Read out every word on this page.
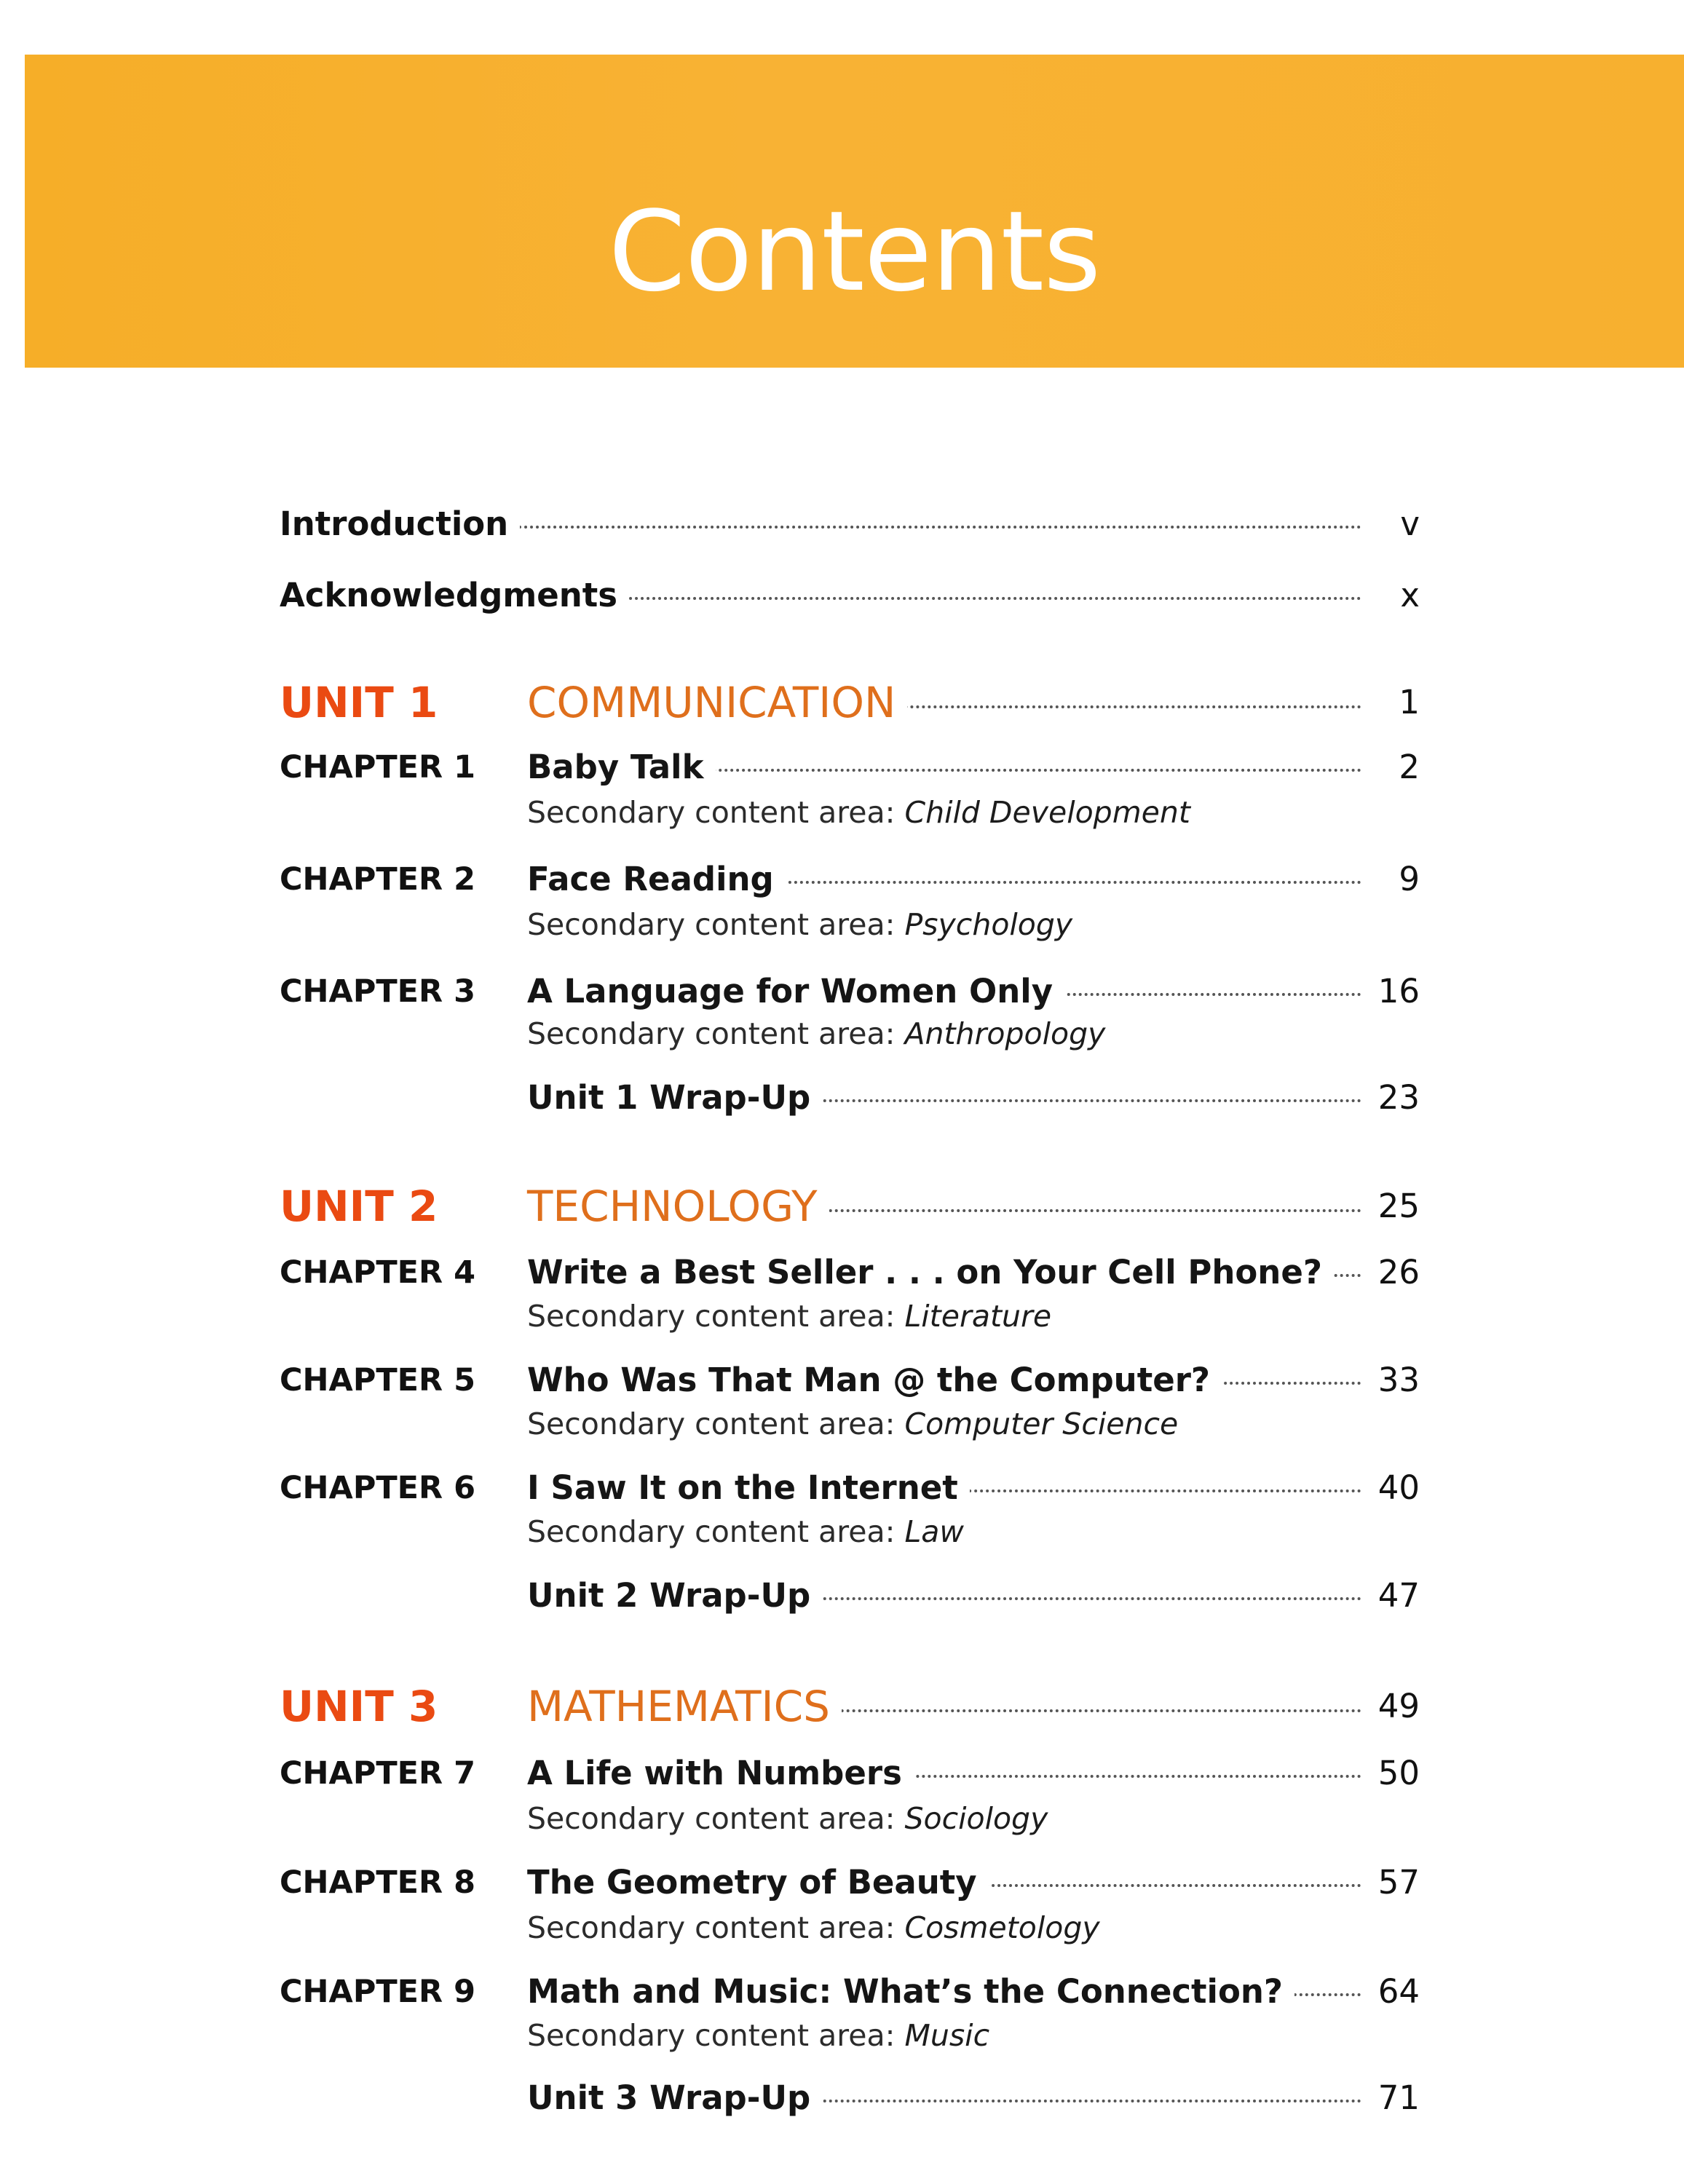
Contents
Introduction	v
Acknowledgments	x
UNIT 1 COMMUNICATION	1
CHAPTER 1 Baby Talk	2
Secondary content area: Child Development
CHAPTER 2 Face Reading	9
Secondary content area: Psychology
CHAPTER 3 A Language for Women Only	16
Secondary content area: Anthropology
Unit 1 Wrap-Up	23
UNIT 2 TECHNOLOGY	25
CHAPTER 4 Write a Best Seller . . . on Your Cell Phone?	26
Secondary content area: Literature
CHAPTER 5 Who Was That Man @ the Computer?	33
Secondary content area: Computer Science
CHAPTER 6 I Saw It on the Internet	40
Secondary content area: Law
Unit 2 Wrap-Up	47
UNIT 3 MATHEMATICS	49
CHAPTER 7 A Life with Numbers	50
Secondary content area: Sociology
CHAPTER 8 The Geometry of Beauty	57
Secondary content area: Cosmetology
CHAPTER 9 Math and Music: What’s the Connection?	64
Secondary content area: Music
Unit 3 Wrap-Up	71
